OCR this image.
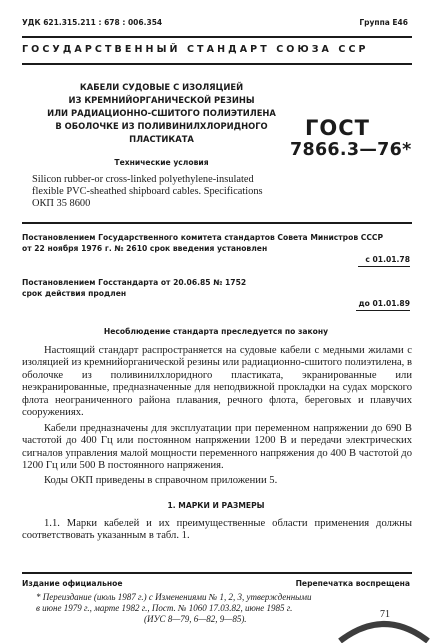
УДК 621.315.211 : 678 : 006.354	Группа Е46
ГОСУДАРСТВЕННЫЙ СТАНДАРТ СОЮЗА ССР
КАБЕЛИ СУДОВЫЕ С ИЗОЛЯЦИЕЙ
ИЗ КРЕМНИЙОРГАНИЧЕСКОЙ РЕЗИНЫ
ИЛИ РАДИАЦИОННО-СШИТОГО ПОЛИЭТИЛЕНА
В ОБОЛОЧКЕ ИЗ ПОЛИВИНИЛХЛОРИДНОГО
ПЛАСТИКАТА
Технические условия
ГОСТ
7866.3—76*
Silicon rubber-or cross-linked polyethylene-insulated
flexible PVC-sheathed shipboard cables. Specifications
ОКП 35 8600
Постановлением Государственного комитета стандартов Совета Министров СССР
от 22 ноября 1976 г. № 2610 срок введения установлен
с 01.01.78
Постановлением Госстандарта от 20.06.85 № 1752
срок действия продлен
до 01.01.89
Несоблюдение стандарта преследуется по закону

Настоящий стандарт распространяется на судовые кабели с медными жилами с изоляцией из кремнийорганической резины или радиационно-сшитого полиэтилена, в оболочке из поливинилхлоридного пластиката, экранированные или неэкранированные, предназначенные для неподвижной прокладки на судах морского флота неограниченного района плавания, речного флота, береговых и плавучих сооружениях.

Кабели предназначены для эксплуатации при переменном напряжении до 690 В частотой до 400 Гц или постоянном напряжении 1200 В и передачи электрических сигналов управления малой мощности переменного напряжения до 400 В частотой до 1200 Гц или 500 В постоянного напряжения.

Коды ОКП приведены в справочном приложении 5.

1. МАРКИ И РАЗМЕРЫ

1.1. Марки кабелей и их преимущественные области применения должны соответствовать указанным в табл. 1.

Издание официальное	Перепечатка воспрещена
* Переиздание (июль 1987 г.) с Изменениями № 1, 2, 3, утвержденными
в июне 1979 г., марте 1982 г., Пост. № 1060 17.03.82, июне 1985 г.
(ИУС 8—79, 6—82, 9—85).	71
